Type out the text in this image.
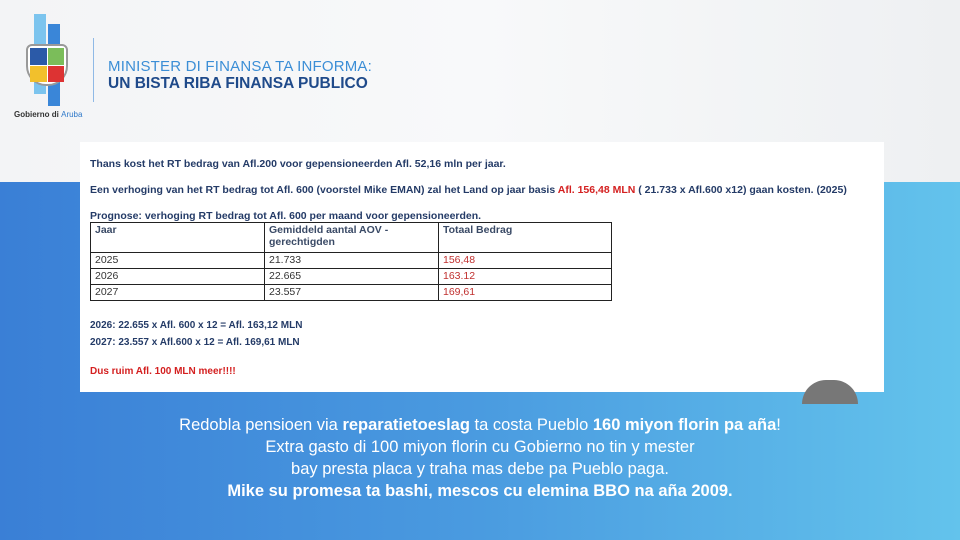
Gobierno di Aruba
MINISTER DI FINANSA TA INFORMA:
UN BISTA RIBA FINANSA PUBLICO

Thans kost het RT bedrag van Afl.200 voor gepensioneerden Afl. 52,16 mln per jaar.

Een verhoging van het RT bedrag tot Afl. 600 (voorstel Mike EMAN) zal het Land op jaar basis Afl. 156,48 MLN ( 21.733 x Afl.600 x12) gaan kosten. (2025)

Prognose: verhoging RT bedrag tot Afl. 600 per maand voor gepensioneerden.

Jaar	Gemiddeld aantal AOV - gerechtigden	Totaal Bedrag
2025	21.733	156,48
2026	22.665	163.12
2027	23.557	169,61
2026: 22.655 x Afl. 600 x 12 = Afl. 163,12 MLN
2027: 23.557 x Afl.600 x 12 = Afl. 169,61 MLN
Dus ruim Afl. 100 MLN meer!!!!
Redobla pensioen via reparatietoeslag ta costa Pueblo 160 miyon florin pa aña!
Extra gasto di 100 miyon florin cu Gobierno no tin y mester
bay presta placa y traha mas debe pa Pueblo paga.
Mike su promesa ta bashi, mescos cu elemina BBO na aña 2009.
